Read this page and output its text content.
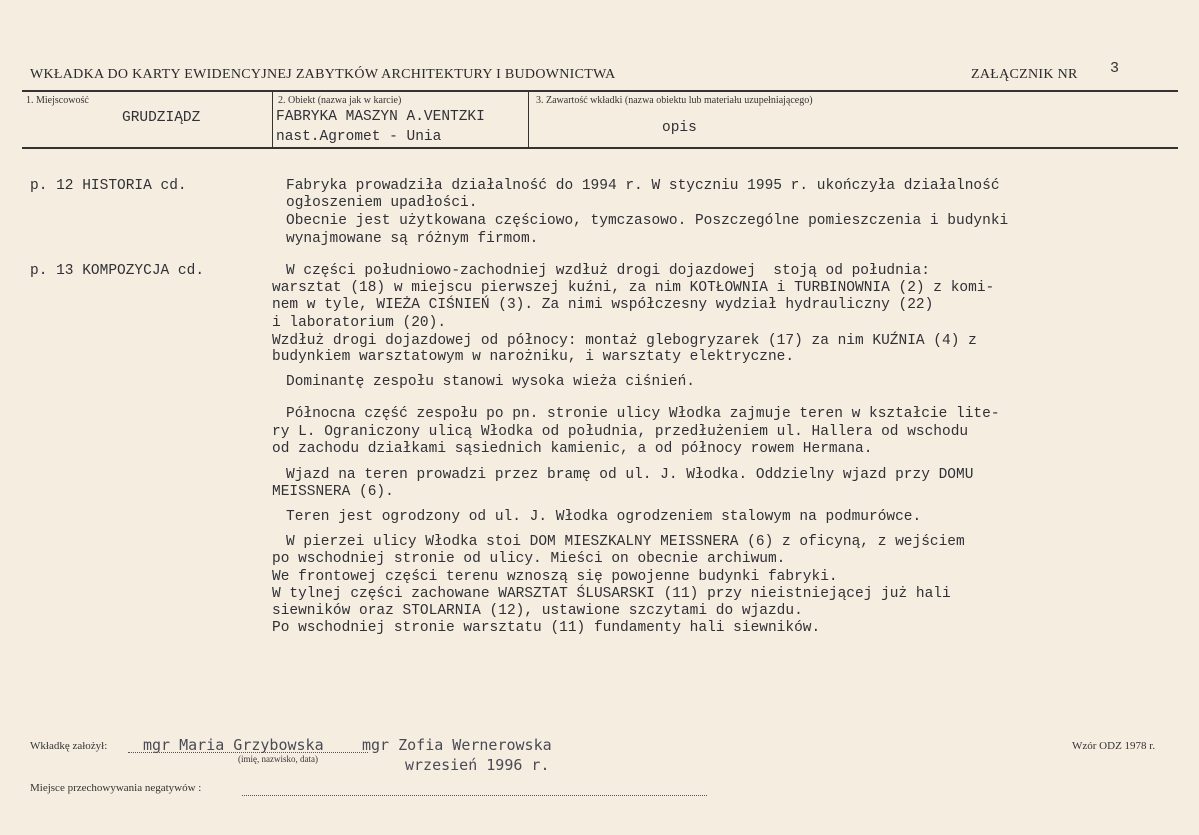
WKŁADKA DO KARTY EWIDENCYJNEJ ZABYTKÓW ARCHITEKTURY I BUDOWNICTWA	ZAŁĄCZNIK NR 3
1. Miejscowość
GRUDZIĄDZ
2. Obiekt (nazwa jak w karcie)
FABRYKA MASZYN A.VENTZKI
nast.Agromet - Unia
3. Zawartość wkładki (nazwa obiektu lub materiału uzupełniającego)
opis
p. 12 HISTORIA cd.
p. 13 KOMPOZYCJA cd.
Fabryka prowadziła działalność do 1994 r. W styczniu 1995 r. ukończyła działalność
ogłoszeniem upadłości.
Obecnie jest użytkowana częściowo, tymczasowo. Poszczególne pomieszczenia i budynki
wynajmowane są różnym firmom.
W części południowo-zachodniej wzdłuż drogi dojazdowej  stoją od południa:
warsztat (18) w miejscu pierwszej kuźni, za nim KOTŁOWNIA i TURBINOWNIA (2) z komi-
nem w tyle, WIEŻA CIŚNIEŃ (3). Za nimi współczesny wydział hydrauliczny (22)
i laboratorium (20).
Wzdłuż drogi dojazdowej od północy: montaż glebogryzarek (17) za nim KUŹNIA (4) z
budynkiem warsztatowym w narożniku, i warsztaty elektryczne.
Dominantę zespołu stanowi wysoka wieża ciśnień.
Północna część zespołu po pn. stronie ulicy Włodka zajmuje teren w kształcie lite-
ry L. Ograniczony ulicą Włodka od południa, przedłużeniem ul. Hallera od wschodu
od zachodu działkami sąsiednich kamienic, a od północy rowem Hermana.
Wjazd na teren prowadzi przez bramę od ul. J. Włodka. Oddzielny wjazd przy DOMU
MEISSNERA (6).
Teren jest ogrodzony od ul. J. Włodka ogrodzeniem stalowym na podmurówce.
W pierzei ulicy Włodka stoi DOM MIESZKALNY MEISSNERA (6) z oficyną, z wejściem
po wschodniej stronie od ulicy. Mieści on obecnie archiwum.
We frontowej części terenu wznoszą się powojenne budynki fabryki.
W tylnej części zachowane WARSZTAT ŚLUSARSKI (11) przy nieistniejącej już hali
siewników oraz STOLARNIA (12), ustawione szczytami do wjazdu.
Po wschodniej stronie warsztatu (11) fundamenty hali siewników.
Wkładkę założył: mgr Maria Grzybowska	mgr Zofia Wernerowska
(imię, nazwisko, data)	wrzesień 1996 r.
Wzór ODZ 1978 r.
Miejsce przechowywania negatywów :
